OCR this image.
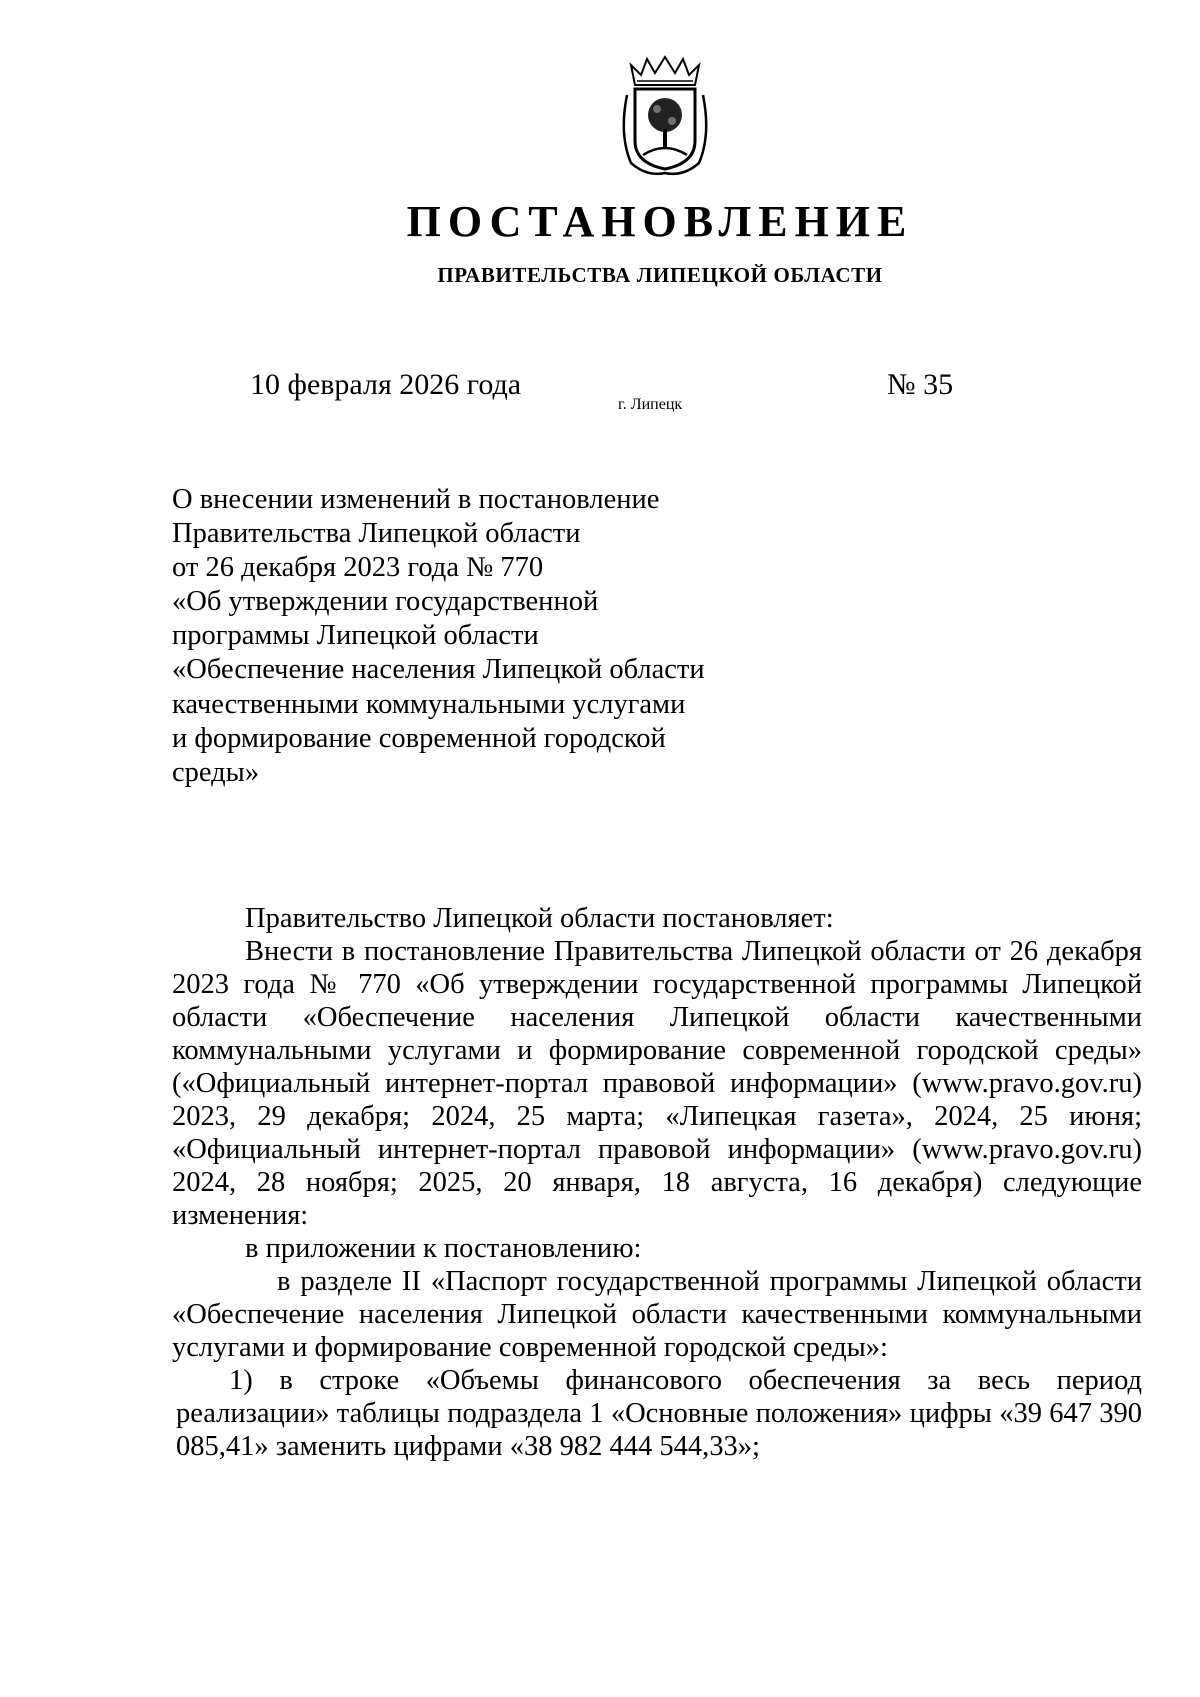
ПОСТАНОВЛЕНИЕ
ПРАВИТЕЛЬСТВА ЛИПЕЦКОЙ ОБЛАСТИ
10 февраля 2026 года
г. Липецк
№ 35
О внесении изменений в постановление
Правительства Липецкой области
от 26 декабря 2023 года № 770
«Об утверждении государственной
программы Липецкой области
«Обеспечение населения Липецкой области
качественными коммунальными услугами
и формирование современной городской
среды»

Правительство Липецкой области постановляет:

Внести в постановление Правительства Липецкой области от 26 декабря 2023 года № 770 «Об утверждении государственной программы Липецкой области «Обеспечение населения Липецкой области качественными коммунальными услугами и формирование современной городской среды» («Официальный интернет-портал правовой информации» (www.pravo.gov.ru) 2023, 29 декабря; 2024, 25 марта; «Липецкая газета», 2024, 25 июня; «Официальный интернет-портал правовой информации» (www.pravo.gov.ru) 2024, 28 ноября; 2025, 20 января, 18 августа, 16 декабря) следующие изменения:

в приложении к постановлению:

в разделе II «Паспорт государственной программы Липецкой области «Обеспечение населения Липецкой области качественными коммунальными услугами и формирование современной городской среды»:

1) в строке «Объемы финансового обеспечения за весь период реализации» таблицы подраздела 1 «Основные положения» цифры «39 647 390 085,41» заменить цифрами «38 982 444 544,33»;
